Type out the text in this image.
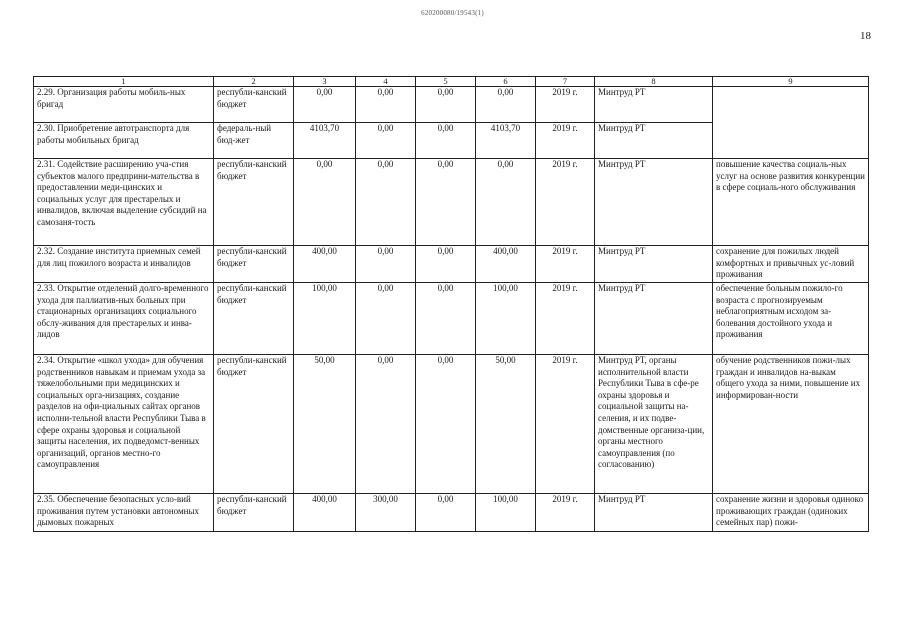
620200080/19543(1)
18
1	2	3	4	5	6	7	8	9
2.29. Организация работы мобиль-ных бригад	республи-канский бюджет	0,00	0,00	0,00	0,00	2019 г.	Минтруд РТ	
2.30. Приобретение автотранспорта для работы мобильных бригад	федераль-ный бюд-жет	4103,70	0,00	0,00	4103,70	2019 г.	Минтруд РТ	
2.31. Содействие расширению уча-стия субъектов малого предприни-мательства в предоставлении меди-цинских и социальных услуг для престарелых и инвалидов, включая выделение субсидий на самозаня-тость	республи-канский бюджет	0,00	0,00	0,00	0,00	2019 г.	Минтруд РТ	повышение качества социаль-ных услуг на основе развития конкуренции в сфере социаль-ного обслуживания
2.32. Создание института приемных семей для лиц пожилого возраста и инвалидов	республи-канский бюджет	400,00	0,00	0,00	400,00	2019 г.	Минтруд РТ	сохранение для пожилых людей комфортных и привычных ус-ловий проживания
2.33. Открытие отделений долго-временного ухода для паллиатив-ных больных при стационарных организациях социального обслу-живания для престарелых и инва-лидов	республи-канский бюджет	100,00	0,00	0,00	100,00	2019 г.	Минтруд РТ	обеспечение больным пожило-го возраста с прогнозируемым неблагоприятным исходом за-болевания достойного ухода и проживания
2.34. Открытие «школ ухода» для обучения родственников навыкам и приемам ухода за тяжелобольными при медицинских и социальных орга-низациях, создание разделов на офи-циальных сайтах органов исполни-тельной власти Республики Тыва в сфере охраны здоровья и социальной защиты населения, их подведомст-венных организаций, органов местно-го самоуправления	республи-канский бюджет	50,00	0,00	0,00	50,00	2019 г.	Минтруд РТ, органы исполнительной власти Республики Тыва в сфе-ре охраны здоровья и социальной защиты на-селения, и их подве-домственные организа-ции, органы местного самоуправления (по согласованию)	обучение родственников пожи-лых граждан и инвалидов на-выкам общего ухода за ними, повышение их информирован-ности
2.35. Обеспечение безопасных усло-вий проживания путем установки автономных дымовых пожарных	республи-канский бюджет	400,00	300,00	0,00	100,00	2019 г.	Минтруд РТ	сохранение жизни и здоровья одиноко проживающих граждан (одиноких семейных пар) пожи-
